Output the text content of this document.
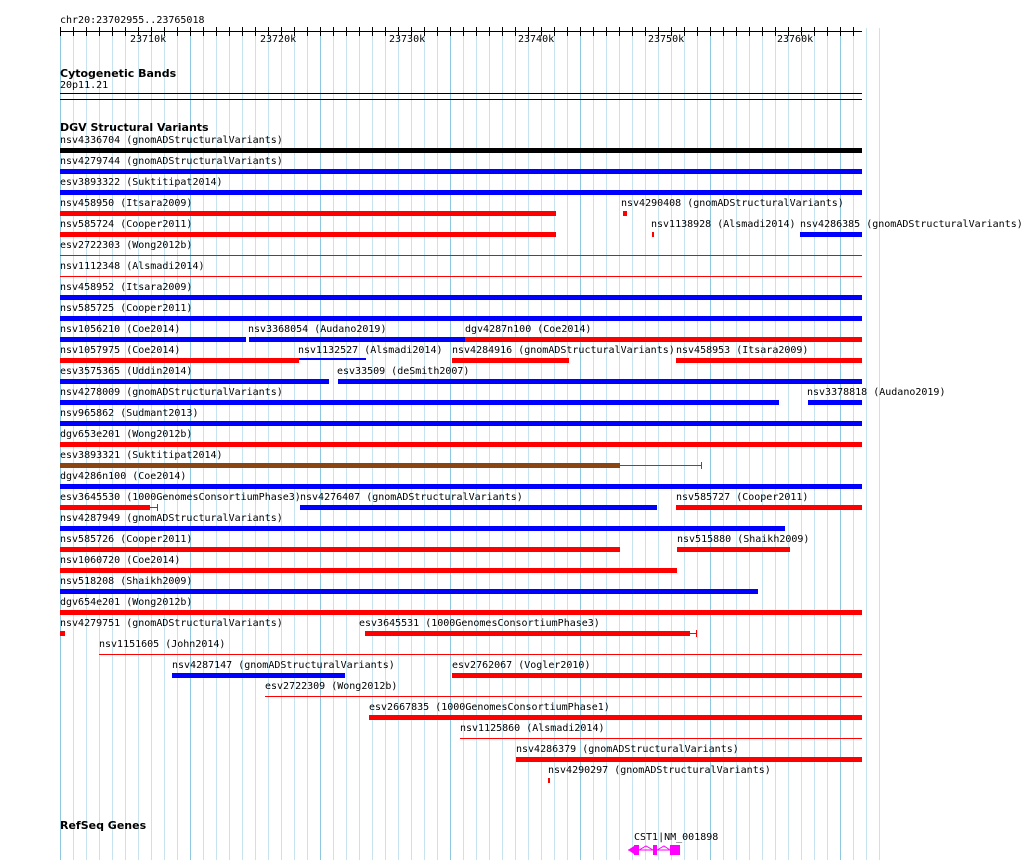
chr20:23702955..23765018
23710k	23720k	23730k	23740k	23750k	23760k
Cytogenetic Bands
20p11.21
DGV Structural Variants
nsv4336704 (gnomADStructuralVariants)
nsv4279744 (gnomADStructuralVariants)
esv3893322 (Suktitipat2014)
nsv458950 (Itsara2009)	nsv4290408 (gnomADStructuralVariants)
nsv585724 (Cooper2011)	nsv1138928 (Alsmadi2014) nsv4286385 (gnomADStructuralVariants)
esv2722303 (Wong2012b)
nsv1112348 (Alsmadi2014)
nsv458952 (Itsara2009)
nsv585725 (Cooper2011)
nsv1056210 (Coe2014)	nsv3368054 (Audano2019)	dgv4287n100 (Coe2014)
nsv1057975 (Coe2014)	nsv1132527 (Alsmadi2014) nsv4284916 (gnomADStructuralVariants) nsv458953 (Itsara2009)
esv3575365 (Uddin2014)	esv33509 (deSmith2007)
nsv4278009 (gnomADStructuralVariants)	nsv3378818 (Audano2019)
nsv965862 (Sudmant2013)
dgv653e201 (Wong2012b)
esv3893321 (Suktitipat2014)
dgv4286n100 (Coe2014)
esv3645530 (1000GenomesConsortiumPhase3) nsv4276407 (gnomADStructuralVariants)	nsv585727 (Cooper2011)
nsv4287949 (gnomADStructuralVariants)
nsv585726 (Cooper2011)	nsv515880 (Shaikh2009)
nsv1060720 (Coe2014)
nsv518208 (Shaikh2009)
dgv654e201 (Wong2012b)
nsv4279751 (gnomADStructuralVariants)	esv3645531 (1000GenomesConsortiumPhase3)
nsv1151605 (John2014)
nsv4287147 (gnomADStructuralVariants)	esv2762067 (Vogler2010)
esv2722309 (Wong2012b)
esv2667835 (1000GenomesConsortiumPhase1)
nsv1125860 (Alsmadi2014)
nsv4286379 (gnomADStructuralVariants)
nsv4290297 (gnomADStructuralVariants)
RefSeq Genes
CST1|NM_001898
